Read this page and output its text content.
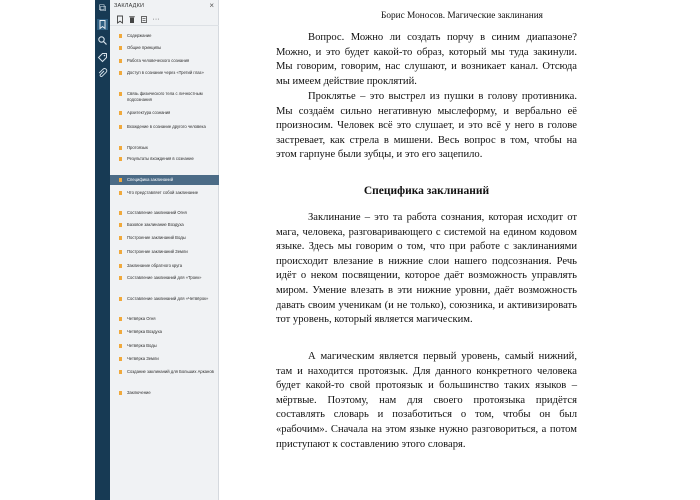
⧉	ЗАКЛАДКИ	×
···
Содержание
Общие принципы
Работа человеческого сознания
Доступ в сознание через «Третий глаз»
Связь физического тела с личностным подсознания
Архитектура сознания
Вхождение в сознание другого человека
Протоязык
Результаты вхождения в сознание
Специфика заклинаний
Что представляет собой заклинание
Составление заклинаний Огня
Базовое заклинание Воздуха
Построение заклинаний Воды
Построение заклинаний Земли
Заклинание обратного круга
Составление заклинаний для «Троек»
Составление заклинаний для «Четвёрок»
Четвёрка Огня
Четвёрка Воздуха
Четвёрка Воды
Четвёрка Земли
Создание заклинаний для Больших Арканов
Заключение
Борис Моносов. Магические заклинания

Вопрос. Можно ли создать порчу в синим диапазоне? Можно, и это будет какой-то образ, который мы туда закинули. Мы говорим, говорим, нас слушают, и возникает канал. Отсюда мы имеем действие проклятий.

Проклятье – это выстрел из пушки в голову противника. Мы создаём сильно негативную мыслеформу, и вербально её произносим. Человек всё это слушает, и это всё у него в голове застревает, как стрела в мишени. Весь вопрос в том, чтобы на этом гарпуне были зубцы, и это его зацепило.

Специфика заклинаний

Заклинание – это та работа сознания, которая исходит от мага, человека, разговаривающего с системой на едином кодовом языке. Здесь мы говорим о том, что при работе с заклинаниями происходит влезание в нижние слои нашего подсознания. Речь идёт о неком посвящении, которое даёт возможность управлять миром. Умение влезать в эти нижние уровни, даёт возможность давать своим ученикам (и не только), союзника, и активизировать тот уровень, который является магическим.

А магическим является первый уровень, самый нижний, там и находится протоязык. Для данного конкретного человека будет какой-то свой протоязык и большинство таких языков – мёртвые. Поэтому, нам для своего протоязыка придётся составлять словарь и позаботиться о том, чтобы он был «рабочим». Сначала на этом языке нужно разговориться, а потом приступают к составлению этого словаря.
